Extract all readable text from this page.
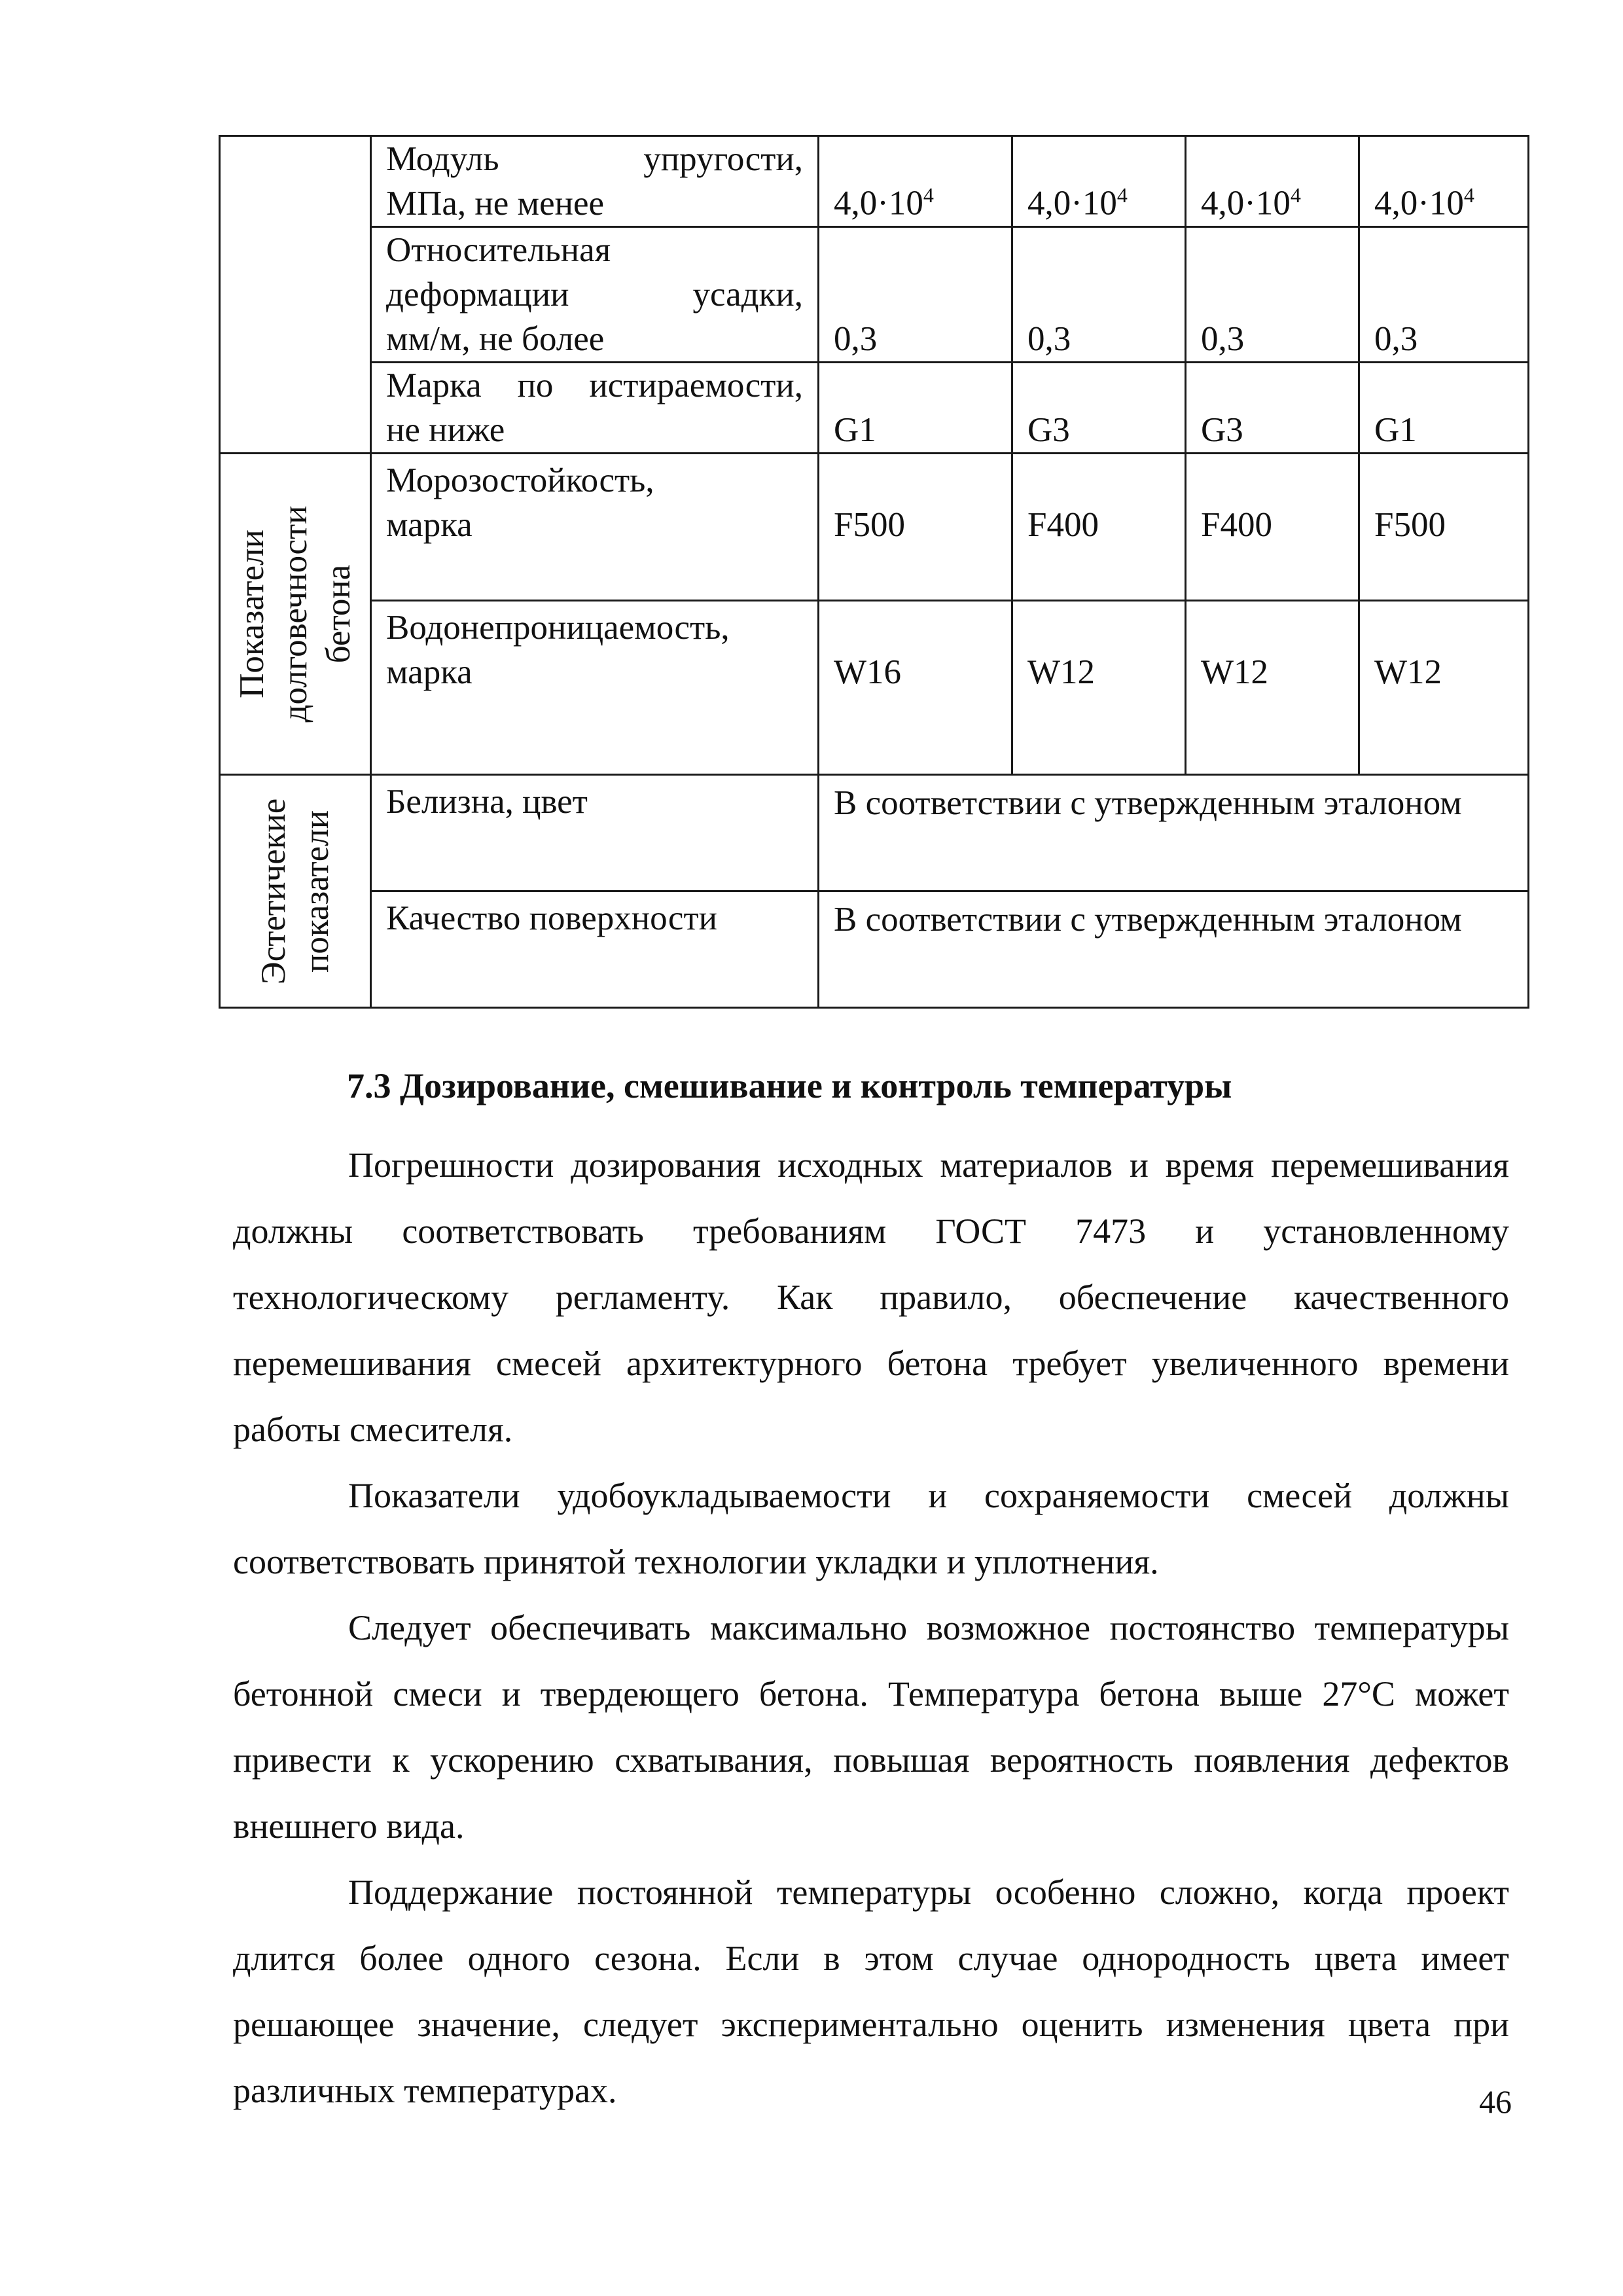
	Модуль упругости,
МПа, не менее	$4,0\cdot 10^4$	$4,0\cdot 10^4$	$4,0\cdot 10^4$	$4,0\cdot 10^4$

	Относительная
деформации усадки,
мм/м, не более	0,3	0,3	0,3	0,3

	Марка по истираемости,
не ниже	G1	G3	G3	G1

Показатели долговечности бетона	Морозостойкость,
марка	F500	F400	F400	F500

	Водонепроницаемость,
марка	W16	W12	W12	W12

Эстетичекие показатели	Белизна, цвет	В соответствии с утвержденным эталоном			
	Качество поверхности	В соответствии с утвержденным эталоном			
7.3 Дозирование, смешивание и контроль температуры

Погрешности дозирования исходных материалов и время перемешивания должны соответствовать требованиям ГОСТ 7473 и установленному технологическому регламенту. Как правило, обеспечение качественного перемешивания смесей архитектурного бетона требует увеличенного времени работы смесителя.

Показатели удобоукладываемости и сохраняемости смесей должны соответствовать принятой технологии укладки и уплотнения.

Следует обеспечивать максимально возможное постоянство температуры бетонной смеси и твердеющего бетона. Температура бетона выше 27°С может привести к ускорению схватывания, повышая вероятность появления дефектов внешнего вида.

Поддержание постоянной температуры особенно сложно, когда проект длится более одного сезона. Если в этом случае однородность цвета имеет решающее значение, следует экспериментально оценить изменения цвета при различных температурах.	46
